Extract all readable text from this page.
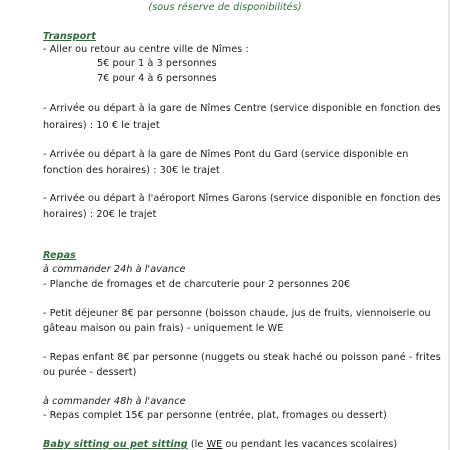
(sous réserve de disponibilités)
Transport
- Aller ou retour au centre ville de Nîmes :
5€ pour 1 à 3 personnes
7€ pour 4 à 6 personnes
- Arrivée ou départ à la gare de Nîmes Centre (service disponible en fonction des
horaires) : 10 € le trajet
- Arrivée ou départ à la gare de Nîmes Pont du Gard (service disponible en
fonction des horaires) : 30€ le trajet
- Arrivée ou départ à l'aéroport Nîmes Garons (service disponible en fonction des
horaires) : 20€ le trajet
Repas
à commander 24h à l'avance
- Planche de fromages et de charcuterie pour 2 personnes 20€
- Petit déjeuner 8€ par personne (boisson chaude, jus de fruits, viennoiserie ou
gâteau maison ou pain frais) - uniquement le WE
- Repas enfant 8€ par personne (nuggets ou steak haché ou poisson pané - frites
ou purée - dessert)
à commander 48h à l'avance
- Repas complet 15€ par personne (entrée, plat, fromages ou dessert)
Baby sitting ou pet sitting (le WE ou pendant les vacances scolaires)
